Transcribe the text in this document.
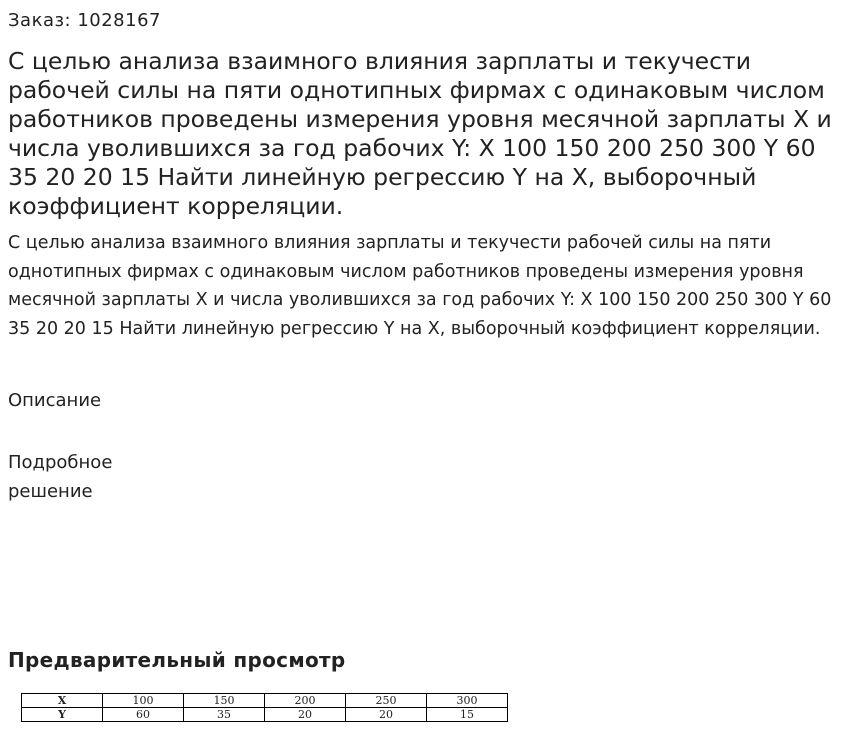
Заказ: 1028167
С целью анализа взаимного влияния зарплаты и текучести рабочей силы на пяти однотипных фирмах с одинаковым числом работников проведены измерения уровня месячной зарплаты X и числа уволившихся за год рабочих Y: X 100 150 200 250 300 Y 60 35 20 20 15 Найти линейную регрессию Y на X, выборочный коэффициент корреляции.

С целью анализа взаимного влияния зарплаты и текучести рабочей силы на пяти однотипных фирмах с одинаковым числом работников проведены измерения уровня месячной зарплаты X и числа уволившихся за год рабочих Y: X 100 150 200 250 300 Y 60 35 20 20 15 Найти линейную регрессию Y на X, выборочный коэффициент корреляции.

Описание
Подробное решение
Предварительный просмотр
X	100	150	200	250	300
Y	60	35	20	20	15
